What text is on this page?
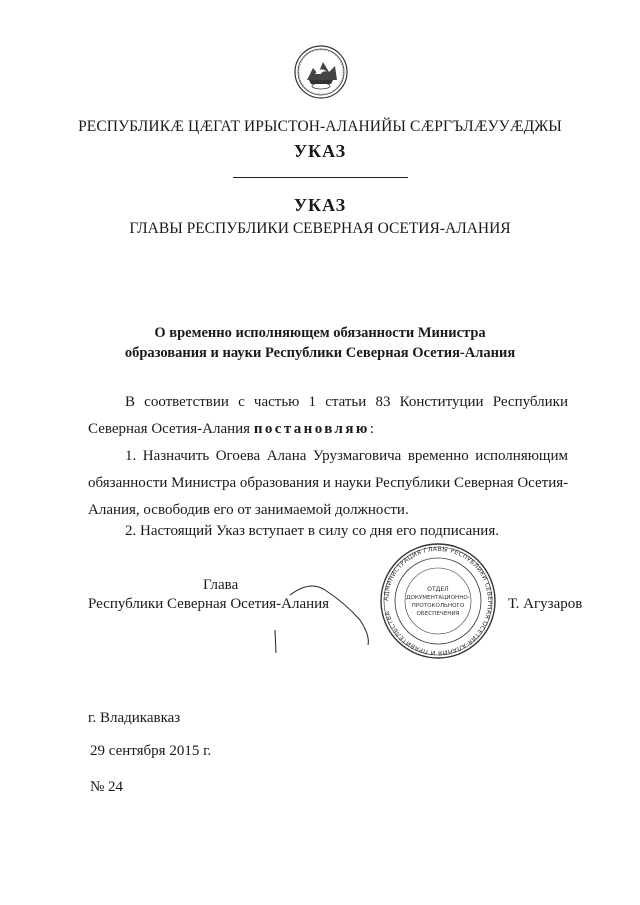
РЕСПУБЛИКӔ ЦӔГАТ ИРЫСТОН-АЛАНИЙЫ СӔРГЪЛӔУУӔДЖЫ
УКАЗ
УКАЗ
ГЛАВЫ РЕСПУБЛИКИ СЕВЕРНАЯ ОСЕТИЯ-АЛАНИЯ
О временно исполняющем обязанности Министра
образования и науки Республики Северная Осетия-Алания
В соответствии с частью 1 статьи 83 Конституции Республики
Северная Осетия-Алания постановляю:
1. Назначить Огоева Алана Урузмаговича временно исполняющим
обязанности Министра образования и науки Республики Северная Осетия-
Алания, освободив его от занимаемой должности.
2. Настоящий Указ вступает в силу со дня его подписания.
Глава
Республики Северная Осетия-Алания	Т. Агузаров
АДМИНИСТРАЦИЯ ГЛАВЫ РЕСПУБЛИКИ СЕВЕРНАЯ ОСЕТИЯ-АЛАНИЯ И ПРАВИТЕЛЬСТВА
ОТДЕЛ
ДОКУМЕНТАЦИОННО-
ПРОТОКОЛЬНОГО
ОБЕСПЕЧЕНИЯ
г. Владикавказ
29 сентября 2015 г.
№ 24
